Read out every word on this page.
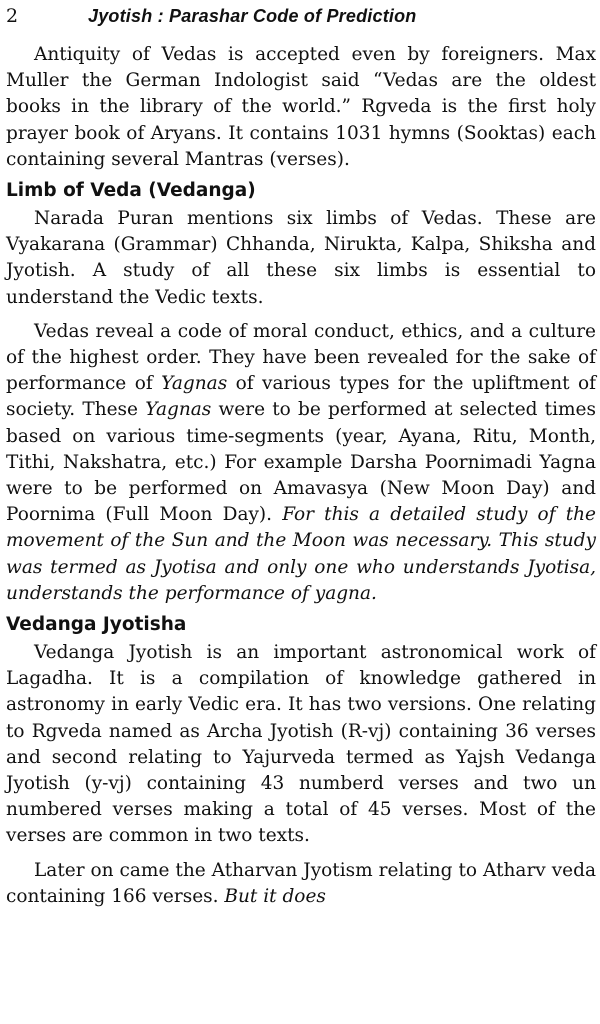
2	Jyotish : Parashar Code of Prediction

Antiquity of Vedas is accepted even by foreigners. Max Muller the German Indologist said “Vedas are the oldest books in the library of the world.” Rgveda is the first holy prayer book of Aryans. It contains 1031 hymns (Sooktas) each containing several Mantras (verses).

Limb of Veda (Vedanga)

Narada Puran mentions six limbs of Vedas. These are Vyakarana (Grammar) Chhanda, Nirukta, Kalpa, Shiksha and Jyotish. A study of all these six limbs is essential to understand the Vedic texts.

Vedas reveal a code of moral conduct, ethics, and a culture of the highest order. They have been revealed for the sake of performance of Yagnas of various types for the upliftment of society. These Yagnas were to be performed at selected times based on various time-segments (year, Ayana, Ritu, Month, Tithi, Nakshatra, etc.) For example Darsha Poornimadi Yagna were to be performed on Amavasya (New Moon Day) and Poornima (Full Moon Day). For this a detailed study of the movement of the Sun and the Moon was necessary. This study was termed as Jyotisa and only one who understands Jyotisa, understands the performance of yagna.

Vedanga Jyotisha

Vedanga Jyotish is an important astronomical work of Lagadha. It is a compilation of knowledge gathered in astronomy in early Vedic era. It has two versions. One relating to Rgveda named as Archa Jyotish (R-vj) containing 36 verses and second relating to Yajurveda termed as Yajsh Vedanga Jyotish (y-vj) containing 43 numberd verses and two un numbered verses making a total of 45 verses. Most of the verses are common in two texts.

Later on came the Atharvan Jyotism relating to Atharv veda containing 166 verses. But it does
